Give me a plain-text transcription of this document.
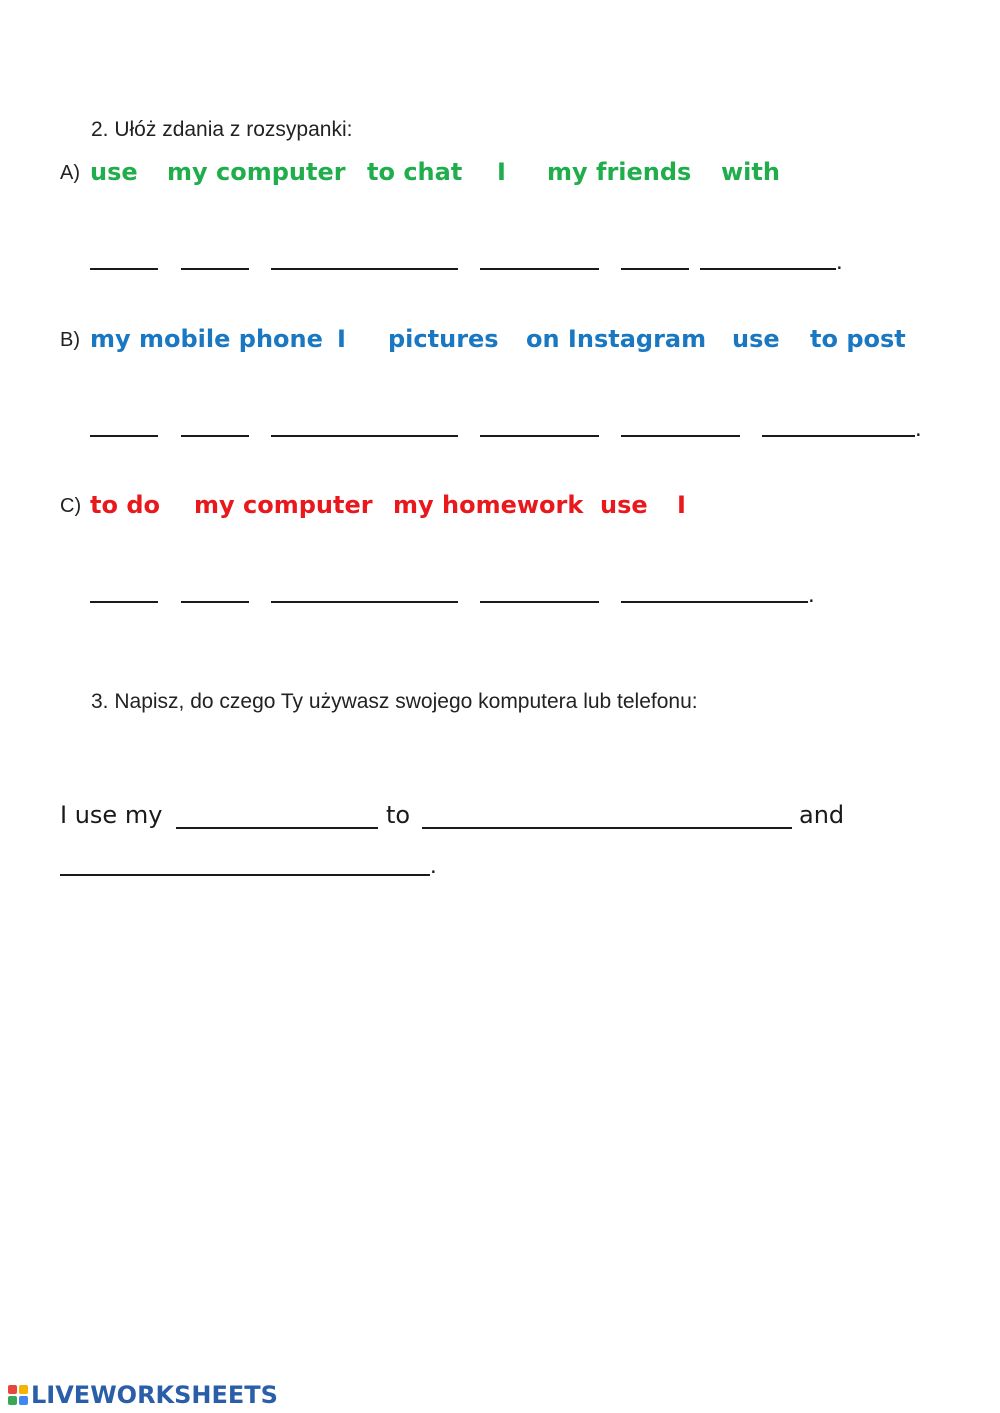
2. Ułóż zdania z rozsypanki:
A) use my computer to chat I my friends with
.
B) my mobile phone I pictures on Instagram use to post
.
C) to do my computer my homework use I
.
3. Napisz, do czego Ty używasz swojego komputera lub telefonu:
I use my	to	and
.
LIVEWORKSHEETS
